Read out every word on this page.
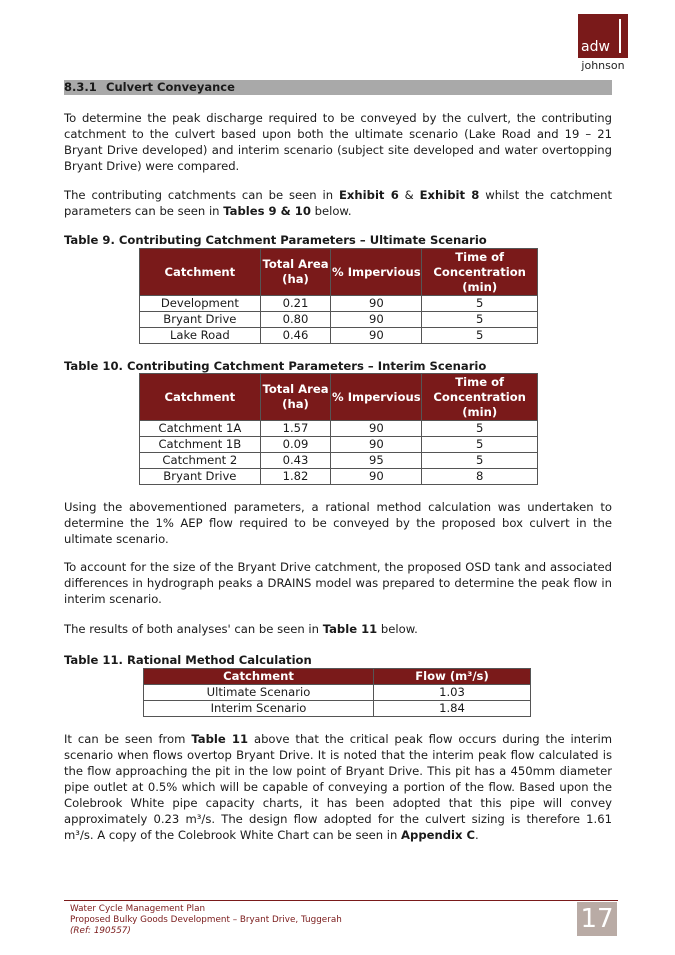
adw
johnson
8.3.1 Culvert Conveyance

To determine the peak discharge required to be conveyed by the culvert, the contributing catchment to the culvert based upon both the ultimate scenario (Lake Road and 19 – 21 Bryant Drive developed) and interim scenario (subject site developed and water overtopping Bryant Drive) were compared.

The contributing catchments can be seen in Exhibit 6 & Exhibit 8 whilst the catchment parameters can be seen in Tables 9 & 10 below.

Table 9. Contributing Catchment Parameters – Ultimate Scenario

Catchment	Total Area (ha)	% Impervious	Time of Concentration (min)
Development	0.21	90	5
Bryant Drive	0.80	90	5
Lake Road	0.46	90	5

Table 10. Contributing Catchment Parameters – Interim Scenario

Catchment	Total Area (ha)	% Impervious	Time of Concentration (min)
Catchment 1A	1.57	90	5
Catchment 1B	0.09	90	5
Catchment 2	0.43	95	5
Bryant Drive	1.82	90	8

Using the abovementioned parameters, a rational method calculation was undertaken to determine the 1% AEP flow required to be conveyed by the proposed box culvert in the ultimate scenario.

To account for the size of the Bryant Drive catchment, the proposed OSD tank and associated differences in hydrograph peaks a DRAINS model was prepared to determine the peak flow in interim scenario.

The results of both analyses' can be seen in Table 11 below.

Table 11. Rational Method Calculation

Catchment	Flow (m³/s)
Ultimate Scenario	1.03
Interim Scenario	1.84

It can be seen from Table 11 above that the critical peak flow occurs during the interim scenario when flows overtop Bryant Drive. It is noted that the interim peak flow calculated is the flow approaching the pit in the low point of Bryant Drive. This pit has a 450mm diameter pipe outlet at 0.5% which will be capable of conveying a portion of the flow. Based upon the Colebrook White pipe capacity charts, it has been adopted that this pipe will convey approximately 0.23 m³/s. The design flow adopted for the culvert sizing is therefore 1.61 m³/s. A copy of the Colebrook White Chart can be seen in Appendix C.

Water Cycle Management Plan
Proposed Bulky Goods Development – Bryant Drive, Tuggerah
(Ref: 190557)	17
